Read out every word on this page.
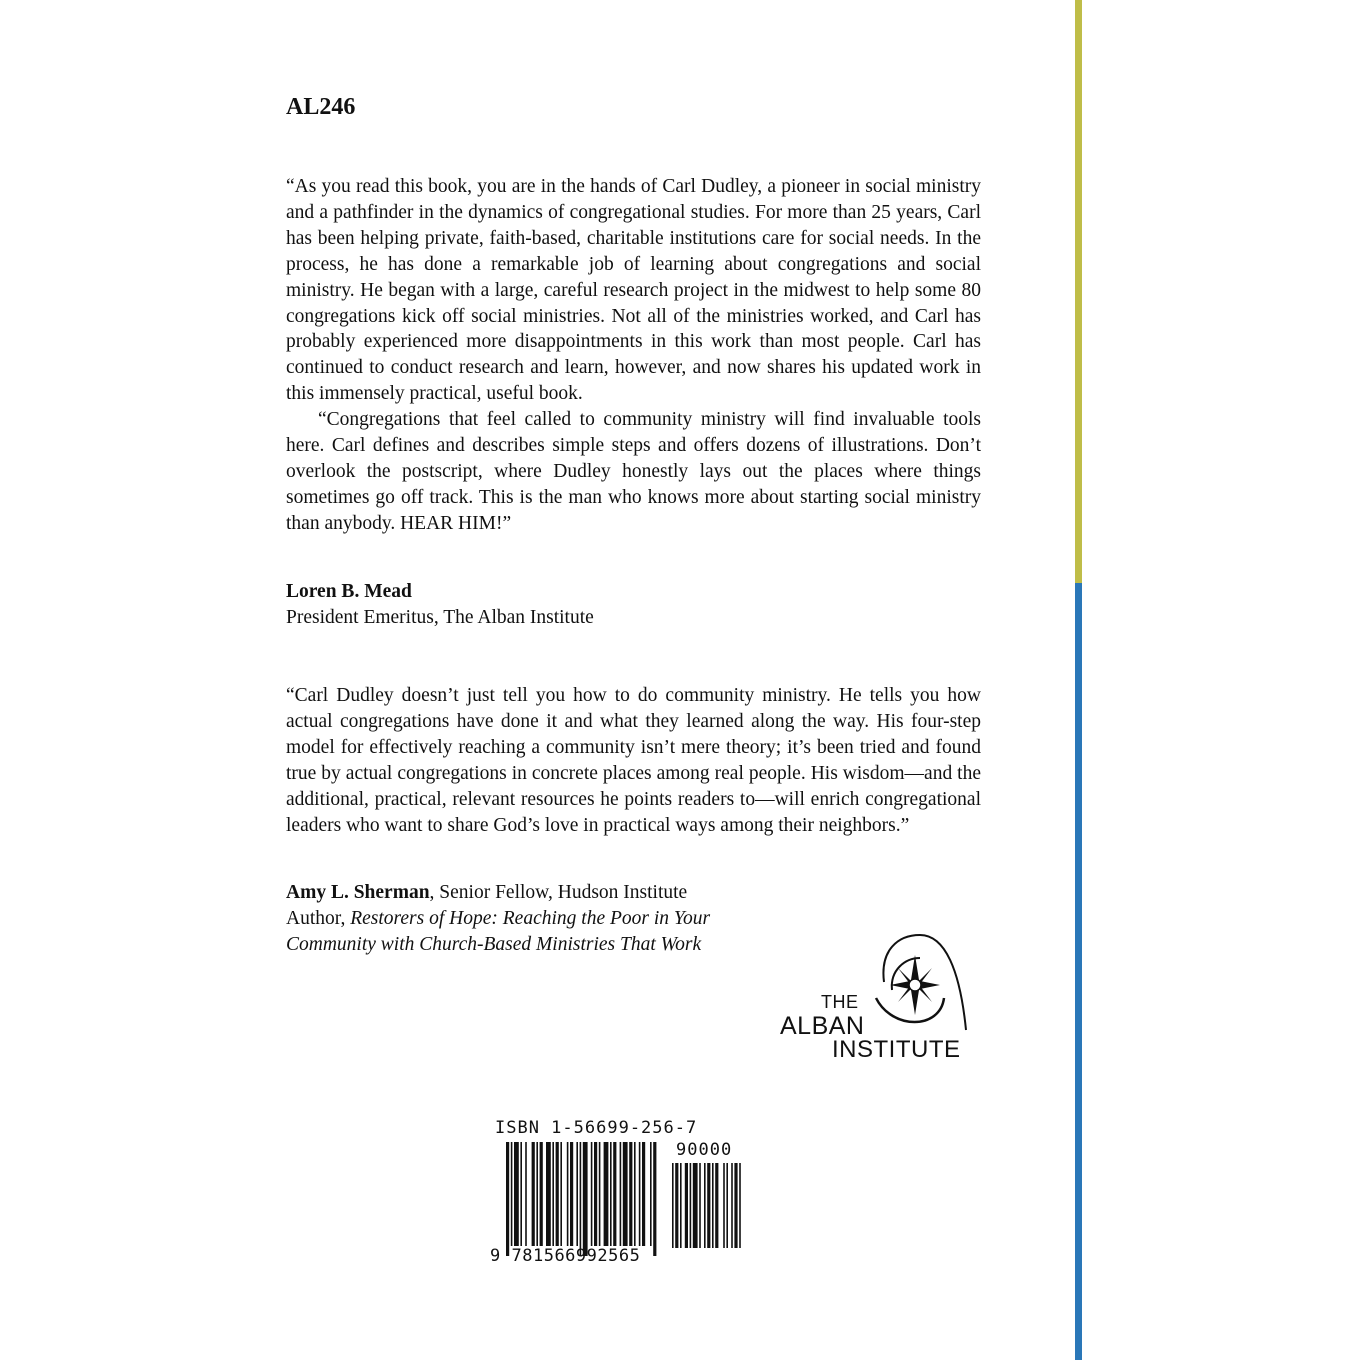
AL246

“As you read this book, you are in the hands of Carl Dudley, a pioneer in social ministry and a pathfinder in the dynamics of congregational studies. For more than 25 years, Carl has been helping private, faith-based, charitable institutions care for social needs. In the process, he has done a remarkable job of learning about congregations and social ministry. He began with a large, careful research project in the midwest to help some 80 congregations kick off social ministries. Not all of the ministries worked, and Carl has probably experienced more disappointments in this work than most people. Carl has continued to conduct research and learn, however, and now shares his updated work in this immensely practical, useful book.

“Congregations that feel called to community ministry will find invaluable tools here. Carl defines and describes simple steps and offers dozens of illustrations. Don’t overlook the postscript, where Dudley honestly lays out the places where things sometimes go off track. This is the man who knows more about starting social ministry than anybody. HEAR HIM!”

Loren B. Mead
President Emeritus, The Alban Institute

“Carl Dudley doesn’t just tell you how to do community ministry. He tells you how actual congregations have done it and what they learned along the way. His four-step model for effectively reaching a community isn’t mere theory; it’s been tried and found true by actual congregations in concrete places among real people. His wisdom—and the additional, practical, relevant resources he points readers to—will enrich congregational leaders who want to share God’s love in practical ways among their neighbors.”

Amy L. Sherman, Senior Fellow, Hudson Institute
Author, Restorers of Hope: Reaching the Poor in Your Community with Church-Based Ministries That Work
THE
ALBAN
INSTITUTE
ISBN 1-56699-256-7
90000
9 781566992565
